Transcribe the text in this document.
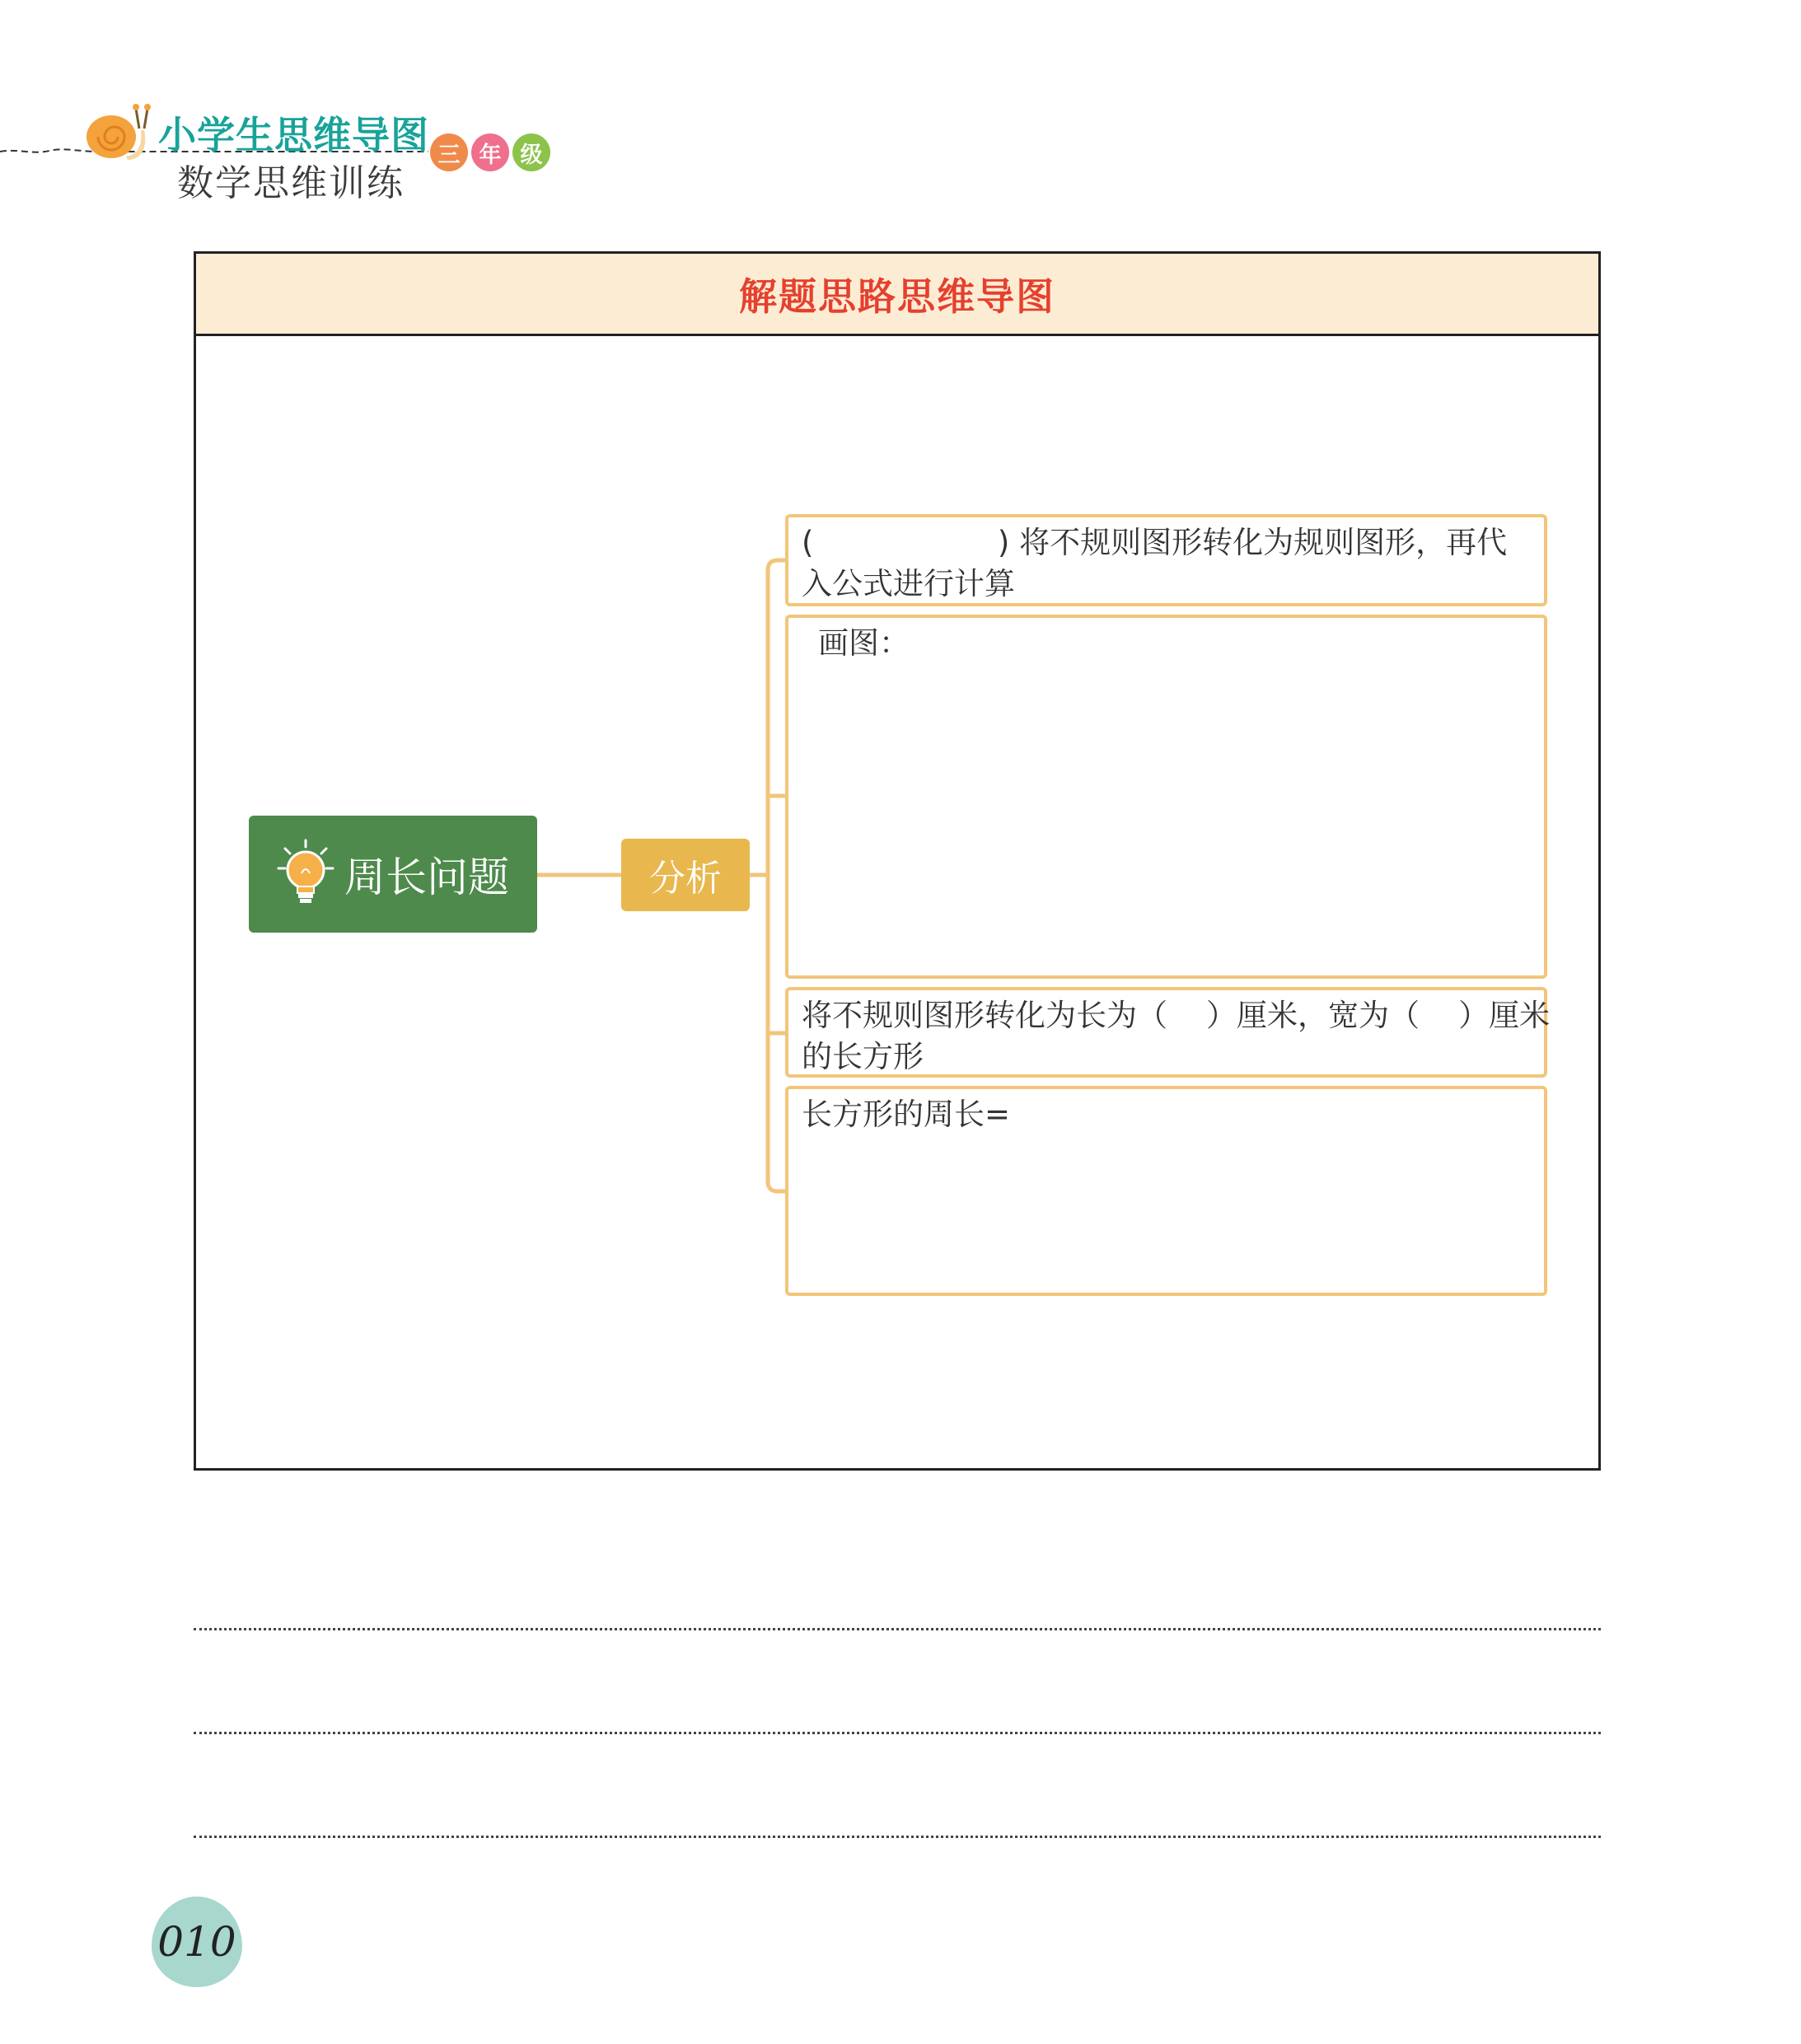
小学生思维导图
数学思维训练
三 年 级
解题思路思维导图
周长问题	分析
(                   ) 将不规则图形转化为规则图形，再代
入公式进行计算
画图：
将不规则图形转化为长为（    ）厘米，宽为（    ）厘米
的长方形
长方形的周长=
010
